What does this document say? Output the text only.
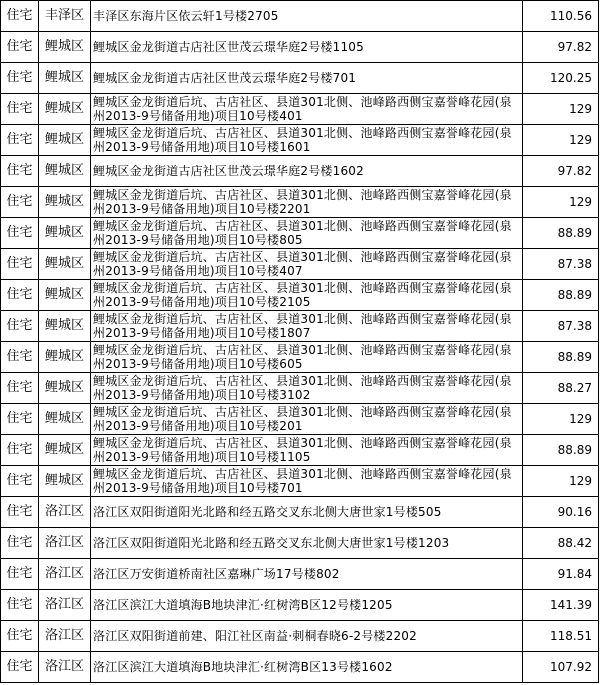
住宅	丰泽区	丰泽区东海片区依云轩1号楼2705	110.56
住宅	鲤城区	鲤城区金龙街道古店社区世茂云璟华庭2号楼1105	97.82
住宅	鲤城区	鲤城区金龙街道古店社区世茂云璟华庭2号楼701	120.25
住宅	鲤城区	鲤城区金龙街道后坑、古店社区、县道301北侧、池峰路西侧宝嘉誉峰花园(泉州2013-9号储备用地)项目10号楼401	129
住宅	鲤城区	鲤城区金龙街道后坑、古店社区、县道301北侧、池峰路西侧宝嘉誉峰花园(泉州2013-9号储备用地)项目10号楼1601	129
住宅	鲤城区	鲤城区金龙街道古店社区世茂云璟华庭2号楼1602	97.82
住宅	鲤城区	鲤城区金龙街道后坑、古店社区、县道301北侧、池峰路西侧宝嘉誉峰花园(泉州2013-9号储备用地)项目10号楼2201	129
住宅	鲤城区	鲤城区金龙街道后坑、古店社区、县道301北侧、池峰路西侧宝嘉誉峰花园(泉州2013-9号储备用地)项目10号楼805	88.89
住宅	鲤城区	鲤城区金龙街道后坑、古店社区、县道301北侧、池峰路西侧宝嘉誉峰花园(泉州2013-9号储备用地)项目10号楼407	87.38
住宅	鲤城区	鲤城区金龙街道后坑、古店社区、县道301北侧、池峰路西侧宝嘉誉峰花园(泉州2013-9号储备用地)项目10号楼2105	88.89
住宅	鲤城区	鲤城区金龙街道后坑、古店社区、县道301北侧、池峰路西侧宝嘉誉峰花园(泉州2013-9号储备用地)项目10号楼1807	87.38
住宅	鲤城区	鲤城区金龙街道后坑、古店社区、县道301北侧、池峰路西侧宝嘉誉峰花园(泉州2013-9号储备用地)项目10号楼605	88.89
住宅	鲤城区	鲤城区金龙街道后坑、古店社区、县道301北侧、池峰路西侧宝嘉誉峰花园(泉州2013-9号储备用地)项目10号楼3102	88.27
住宅	鲤城区	鲤城区金龙街道后坑、古店社区、县道301北侧、池峰路西侧宝嘉誉峰花园(泉州2013-9号储备用地)项目10号楼201	129
住宅	鲤城区	鲤城区金龙街道后坑、古店社区、县道301北侧、池峰路西侧宝嘉誉峰花园(泉州2013-9号储备用地)项目10号楼1105	88.89
住宅	鲤城区	鲤城区金龙街道后坑、古店社区、县道301北侧、池峰路西侧宝嘉誉峰花园(泉州2013-9号储备用地)项目10号楼701	129
住宅	洛江区	洛江区双阳街道阳光北路和经五路交叉东北侧大唐世家1号楼505	90.16
住宅	洛江区	洛江区双阳街道阳光北路和经五路交叉东北侧大唐世家1号楼1203	88.42
住宅	洛江区	洛江区万安街道桥南社区嘉琳广场17号楼802	91.84
住宅	洛江区	洛江区滨江大道填海B地块津汇·红树湾B区12号楼1205	141.39
住宅	洛江区	洛江区双阳街道前建、阳江社区南益·刺桐春晓6-2号楼2202	118.51
住宅	洛江区	洛江区滨江大道填海B地块津汇·红树湾B区13号楼1602	107.92
